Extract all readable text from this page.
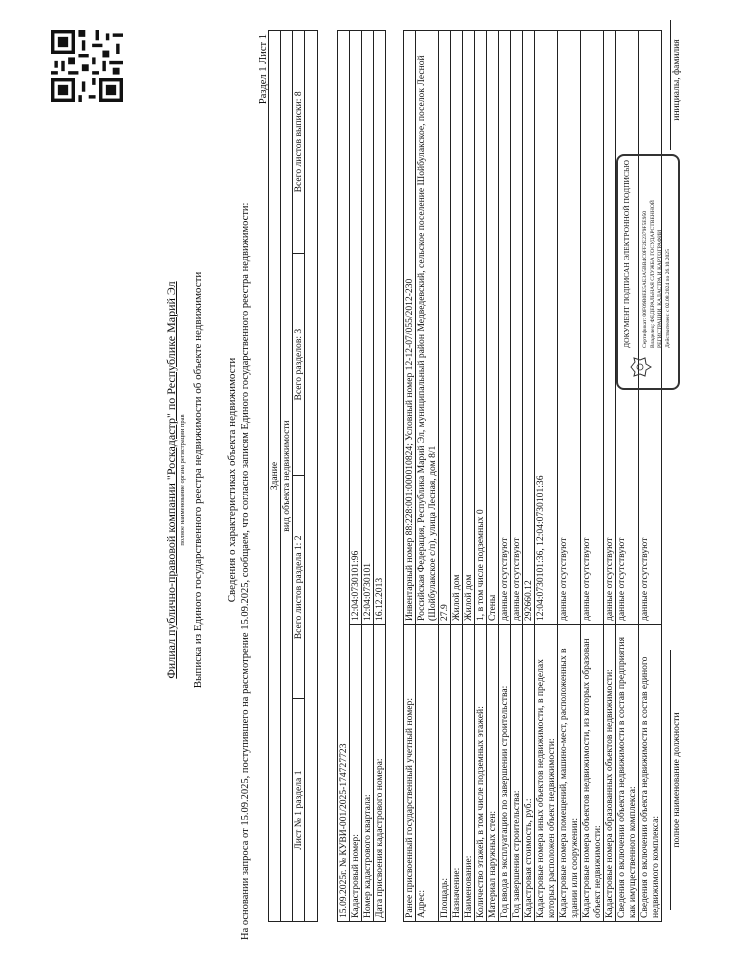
Филиал публично-правовой компании "Роскадастр" по Республике Марий Эл полное наименование органа регистрации прав Выписка из Единого государственного реестра недвижимости об объекте недвижимости Сведения о характеристиках объекта недвижимости На основании запроса от 15.09.2025, поступившего на рассмотрение 15.09.2025, сообщаем, что согласно записям Единого государственного реестра недвижимости:
Раздел 1 Лист 1
Здание
вид объекта недвижимости
Лист № 1 раздела 1	Всего листов раздела 1: 2	Всего разделов: 3	Всего листов выписки: 8

15.09.2025г. № КУВИ-001/2025-174727723	
Кадастровый номер:	12:04:0730101:96
Номер кадастрового квартала:	12:04:0730101
Дата присвоения кадастрового номера:	16.12.2013
Ранее присвоенный государственный учетный номер:	Инвентарный номер 88:228:001:000010824; Условный номер 12-12-07/055/2012-230
Адрес:	Российская Федерация, Республика Марий Эл, муниципальный район Медведевский, сельское поселение Шойбулакское, поселок Лесной (Шойбулакское с/п), улица Лесная, дом 8/1
Площадь:	27.9
Назначение:	Жилой дом
Наименование:	Жилой дом
Количество этажей, в том числе подземных этажей:	1, в том числе подземных 0
Материал наружных стен:	Стены
Год ввода в эксплуатацию по завершении строительства:	данные отсутствуют
Год завершения строительства:	данные отсутствуют
Кадастровая стоимость, руб.:	292660.12
Кадастровые номера иных объектов недвижимости, в пределах которых расположен объект недвижимости:	12:04:0730101:36, 12:04:0730101:36
Кадастровые номера помещений, машино-мест, расположенных в здании или сооружении:	данные отсутствуют
Кадастровые номера объектов недвижимости, из которых образован объект недвижимости:	данные отсутствуют
Кадастровые номера образованных объектов недвижимости:	данные отсутствуют
Сведения о включении объекта недвижимости в состав предприятия как имущественного комплекса:	данные отсутствуют
Сведения о включении объекта недвижимости в состав единого недвижимого комплекса:	данные отсутствуют
полное наименование должности
ДОКУМЕНТ ПОДПИСАН ЭЛЕКТРОННОЙ ПОДПИСЬЮ Сертификат: 00F09B0EE5AE3A5BB4C0FF2E2379F5E950 Владелец: ФЕДЕРАЛЬНАЯ СЛУЖБА ГОСУДАРСТВЕННОЙ РЕГИСТРАЦИИ, КАДАСТРА И КАРТОГРАФИИ Действителен: с 02.08.2024 по 26.10.2025
инициалы, фамилия
